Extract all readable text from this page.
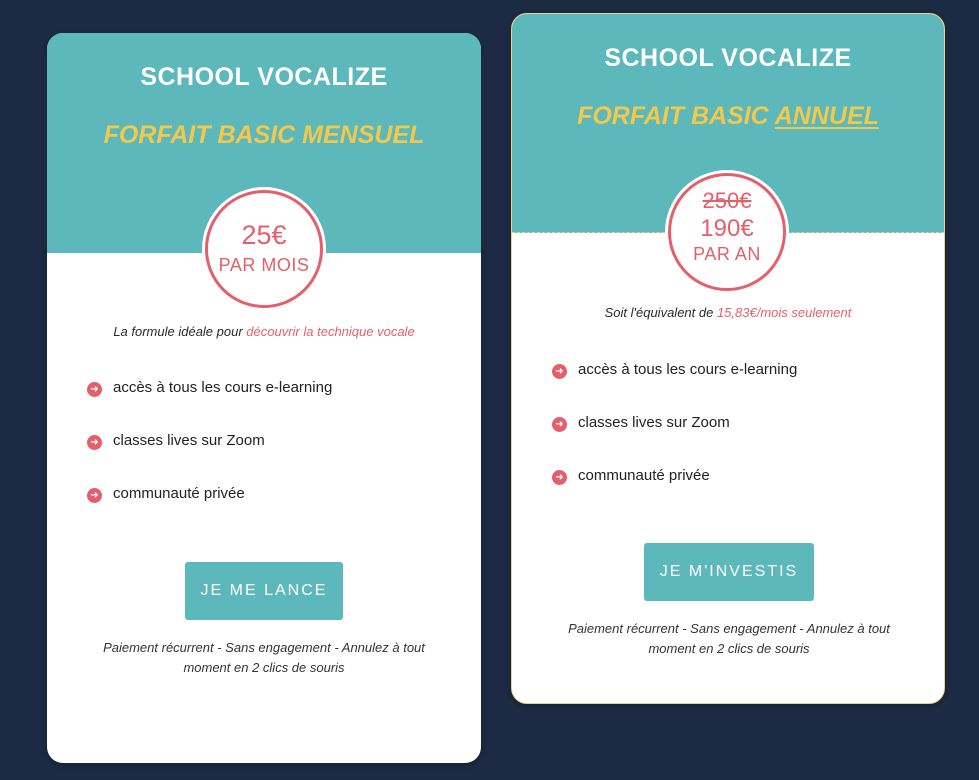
SCHOOL VOCALIZE
FORFAIT BASIC MENSUEL
25€
PAR MOIS
La formule idéale pour découvrir la technique vocale
➜ accès à tous les cours e-learning
➜ classes lives sur Zoom
➜ communauté privée
JE ME LANCE
Paiement récurrent - Sans engagement - Annulez à tout
moment en 2 clics de souris
SCHOOL VOCALIZE
FORFAIT BASIC ANNUEL
250€
190€
PAR AN
Soit l'équivalent de 15,83€/mois seulement
➜ accès à tous les cours e-learning
➜ classes lives sur Zoom
➜ communauté privée
JE M'INVESTIS
Paiement récurrent - Sans engagement - Annulez à tout
moment en 2 clics de souris
